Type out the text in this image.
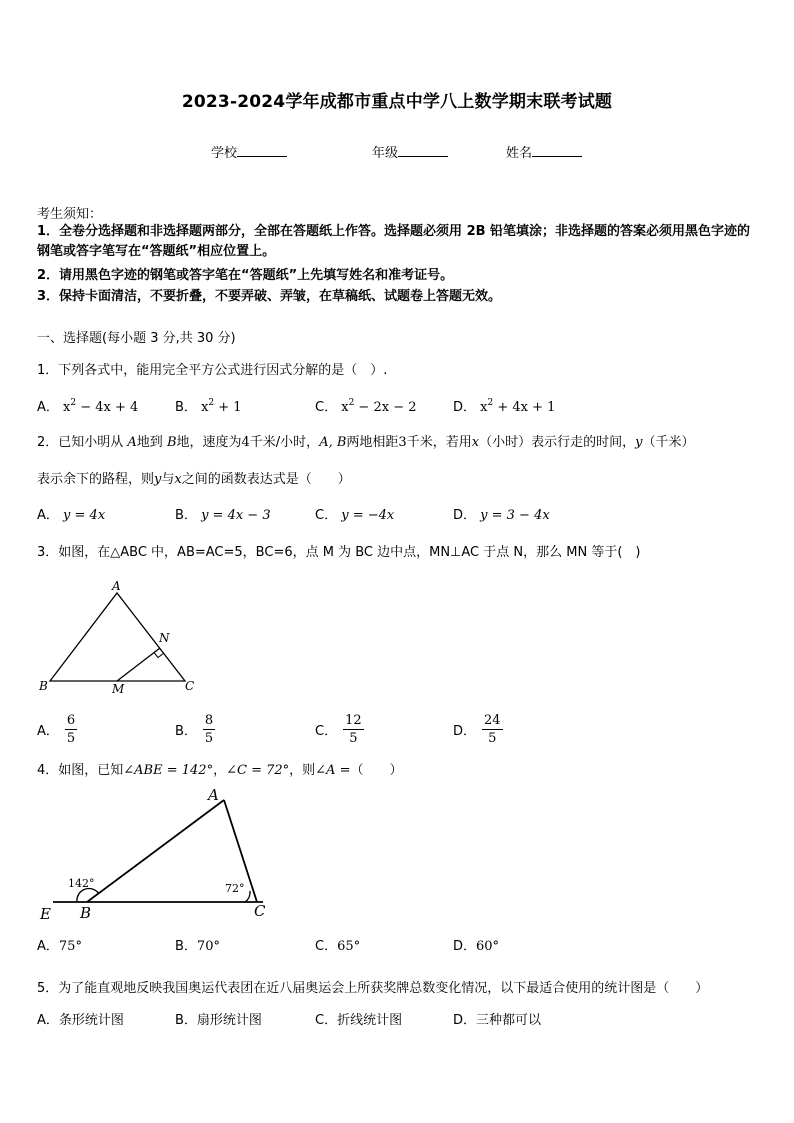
2023-2024学年成都市重点中学八上数学期末联考试题
学校	年级	姓名
考生须知：
1．全卷分选择题和非选择题两部分，全部在答题纸上作答。选择题必须用 2B 铅笔填涂；非选择题的答案必须用黑色字迹的钢笔或答字笔写在“答题纸”相应位置上。
2．请用黑色字迹的钢笔或答字笔在“答题纸”上先填写姓名和准考证号。
3．保持卡面清洁，不要折叠，不要弄破、弄皱，在草稿纸、试题卷上答题无效。
一、选择题(每小题 3 分,共 30 分)
1．下列各式中，能用完全平方公式进行因式分解的是（　）.
A． $x^2 - 4x + 4$	B． $x^2 + 1$	C． $x^2 - 2x - 2$	D． $x^2 + 4x + 1$
2．已知小明从 A地到 B地，速度为4千米/小时，A, B两地相距3千米，若用x（小时）表示行走的时间，y（千米）
表示余下的路程，则y与x之间的函数表达式是（　　）
A． y = 4x	B． y = 4x − 3	C． y = −4x	D． y = 3 − 4x
3．如图，在△ABC 中，AB=AC=5，BC=6，点 M 为 BC 边中点，MN⊥AC 于点 N，那么 MN 等于(　)
A
B	C
M
N
A． $\frac{6}{5}$	B． $\frac{8}{5}$	C． $\frac{12}{5}$	D． $\frac{24}{5}$
4．如图，已知∠ABE = 142°，∠C = 72°，则∠A =（　　）
A
B	C
E
142°	72°
A．75°	B．70°	C．65°	D．60°
5．为了能直观地反映我国奥运代表团在近八届奥运会上所获奖牌总数变化情况，以下最适合使用的统计图是（　　）
A．条形统计图	B．扇形统计图	C．折线统计图	D．三种都可以
